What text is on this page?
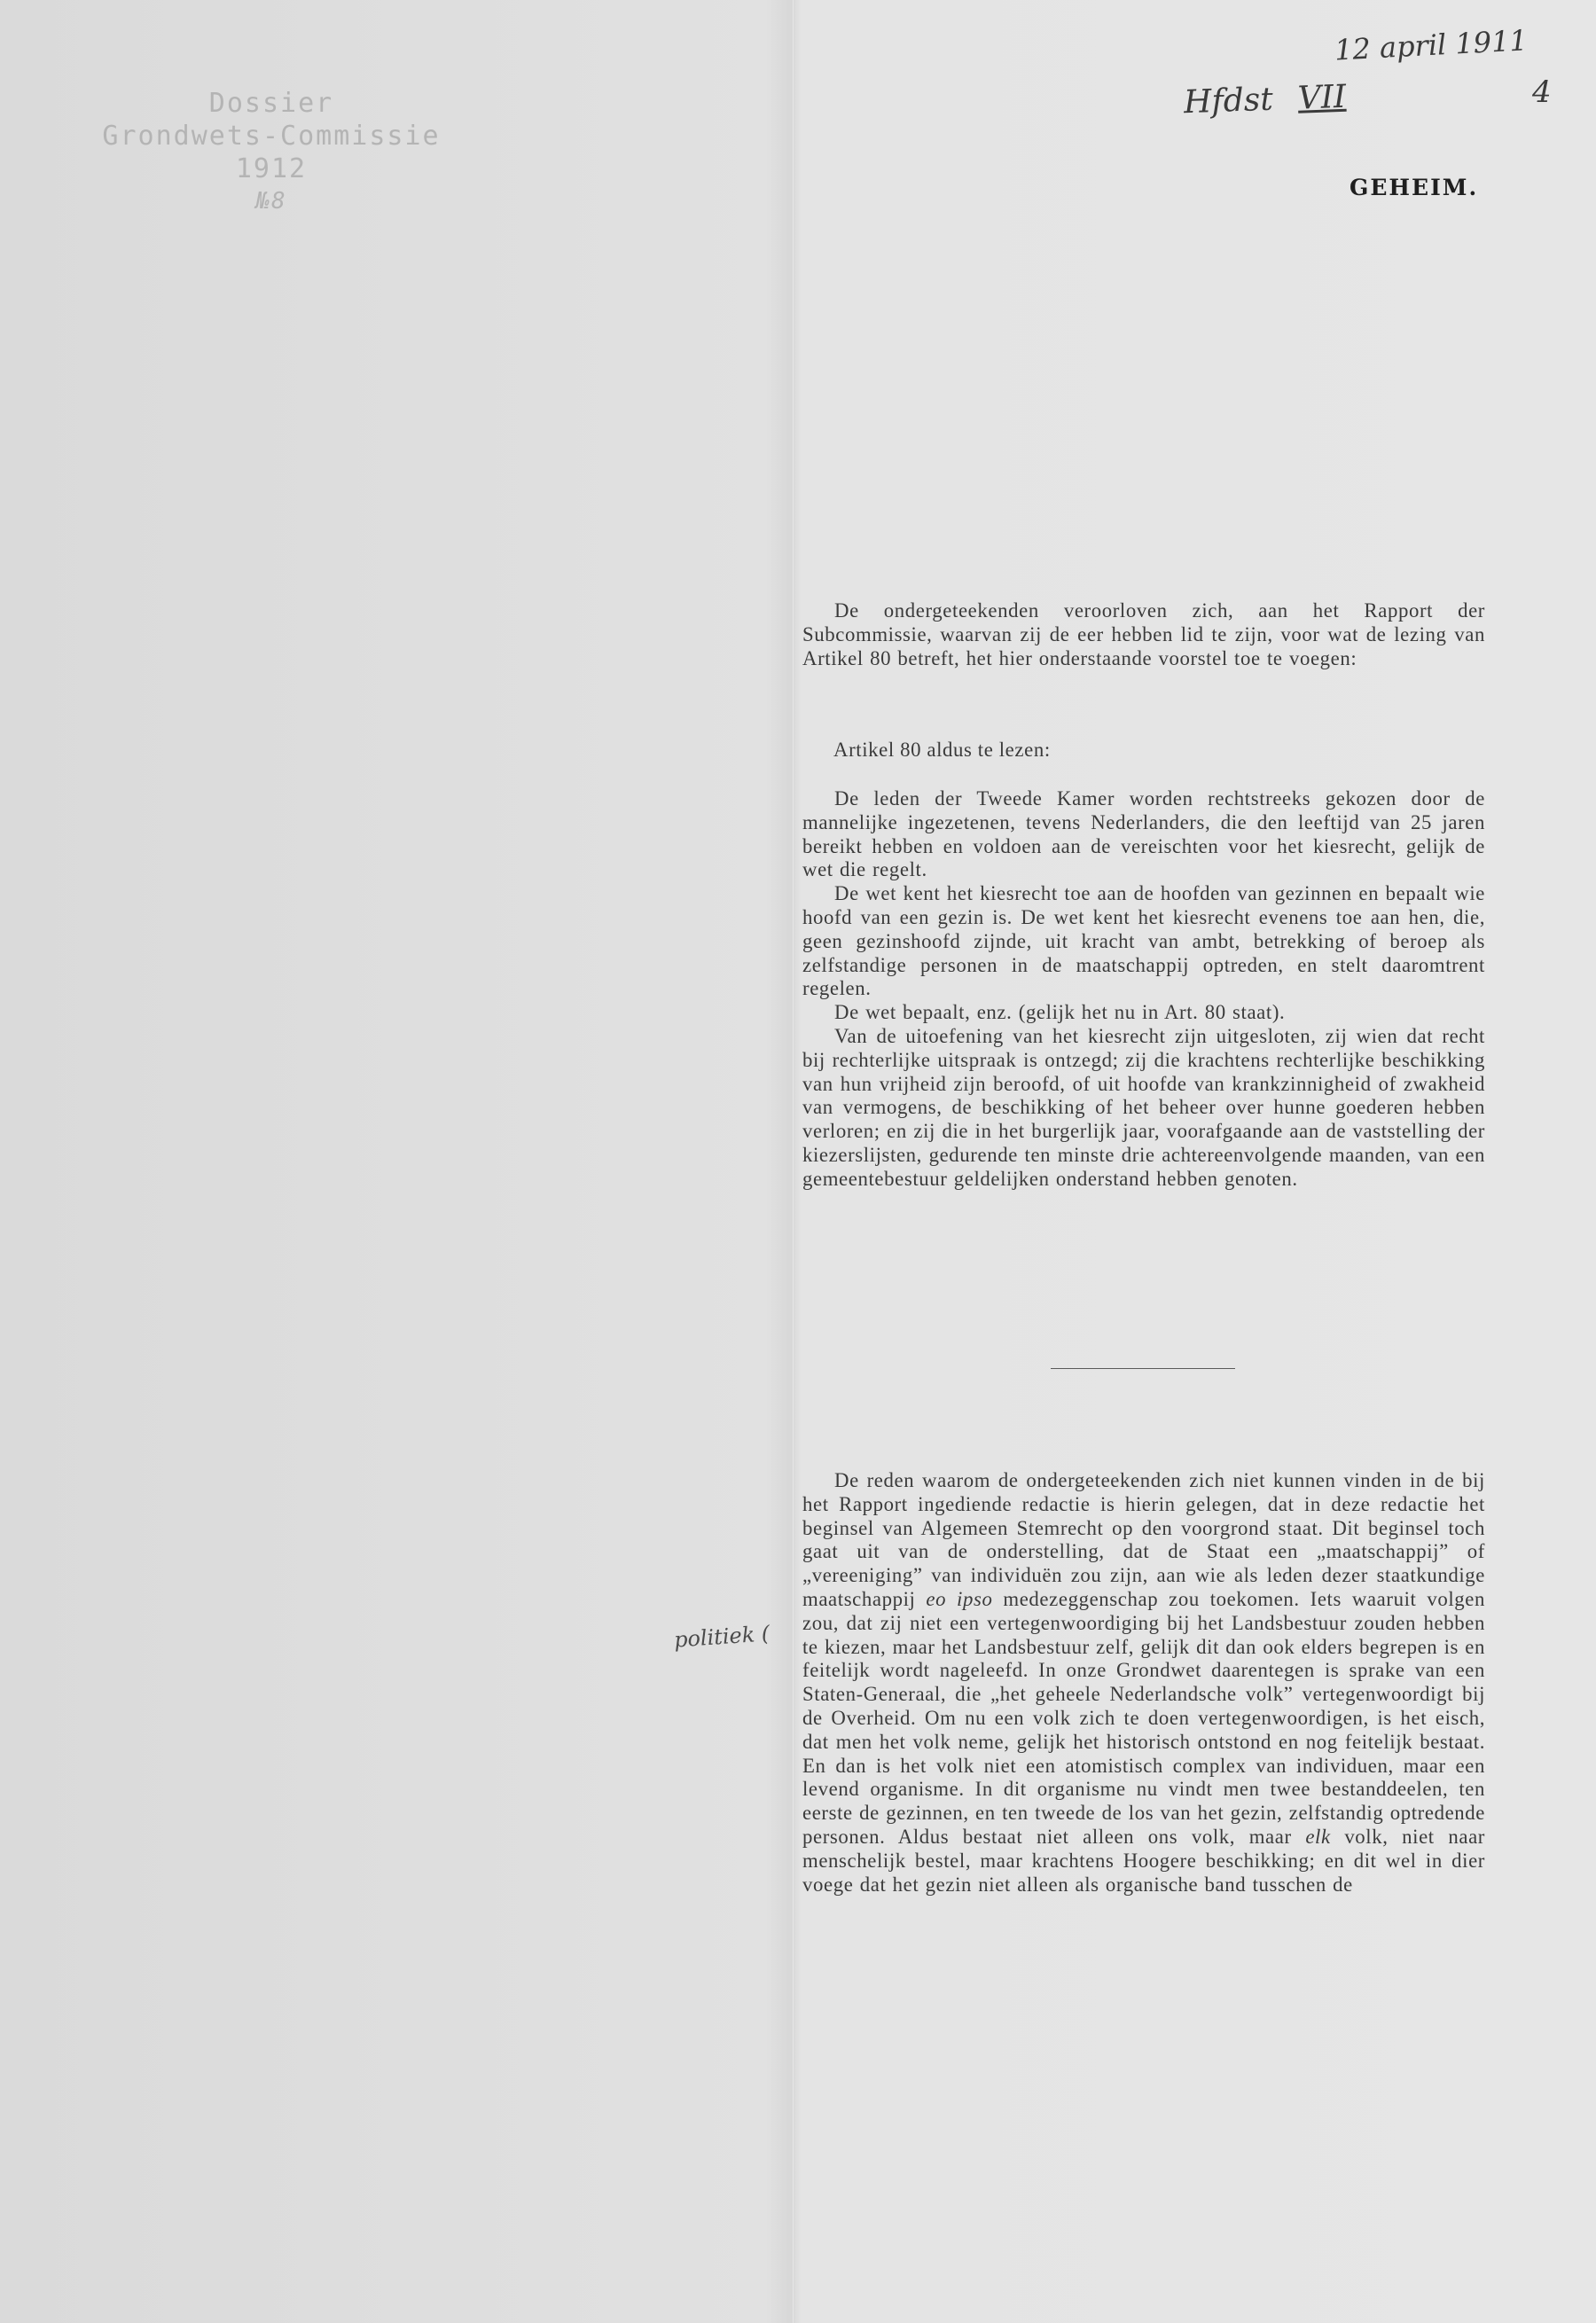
Dossier
Grondwets-Commissie
1912
№8
12 april 1911
4
Hfdst VII
politiek (
GEHEIM.

De ondergeteekenden veroorloven zich, aan het Rapport der Subcommissie, waarvan zij de eer hebben lid te zijn, voor wat de lezing van Artikel 80 betreft, het hier onderstaande voorstel toe te voegen:

Artikel 80 aldus te lezen:

De leden der Tweede Kamer worden rechtstreeks gekozen door de mannelijke ingezetenen, tevens Nederlanders, die den leeftijd van 25 jaren bereikt hebben en voldoen aan de vereischten voor het kiesrecht, gelijk de wet die regelt.

De wet kent het kiesrecht toe aan de hoofden van gezinnen en bepaalt wie hoofd van een gezin is. De wet kent het kiesrecht evenens toe aan hen, die, geen gezinshoofd zijnde, uit kracht van ambt, betrekking of beroep als zelfstandige personen in de maatschappij optreden, en stelt daaromtrent regelen.

De wet bepaalt, enz. (gelijk het nu in Art. 80 staat).

Van de uitoefening van het kiesrecht zijn uitgesloten, zij wien dat recht bij rechterlijke uitspraak is ontzegd; zij die krachtens rechterlijke beschikking van hun vrijheid zijn beroofd, of uit hoofde van krankzinnigheid of zwakheid van vermogens, de beschikking of het beheer over hunne goederen hebben verloren; en zij die in het burgerlijk jaar, voorafgaande aan de vaststelling der kiezerslijsten, gedurende ten minste drie achtereenvolgende maanden, van een gemeentebestuur geldelijken onderstand hebben genoten.

De reden waarom de ondergeteekenden zich niet kunnen vinden in de bij het Rapport ingediende redactie is hierin gelegen, dat in deze redactie het beginsel van Algemeen Stemrecht op den voorgrond staat. Dit beginsel toch gaat uit van de onderstelling, dat de Staat een „maatschappij” of „vereeniging” van individuën zou zijn, aan wie als leden dezer staatkundige maatschappij eo ipso medezeggenschap zou toekomen. Iets waaruit volgen zou, dat zij niet een vertegenwoordiging bij het Landsbestuur zouden hebben te kiezen, maar het Landsbestuur zelf, gelijk dit dan ook elders begrepen is en feitelijk wordt nageleefd. In onze Grondwet daarentegen is sprake van een Staten-Generaal, die „het geheele Nederlandsche volk” vertegenwoordigt bij de Overheid. Om nu een volk zich te doen vertegenwoordigen, is het eisch, dat men het volk neme, gelijk het historisch ontstond en nog feitelijk bestaat. En dan is het volk niet een atomistisch complex van individuen, maar een levend organisme. In dit organisme nu vindt men twee bestanddeelen, ten eerste de gezinnen, en ten tweede de los van het gezin, zelfstandig optredende personen. Aldus bestaat niet alleen ons volk, maar elk volk, niet naar menschelijk bestel, maar krachtens Hoogere beschikking; en dit wel in dier voege dat het gezin niet alleen als organische band tusschen de
